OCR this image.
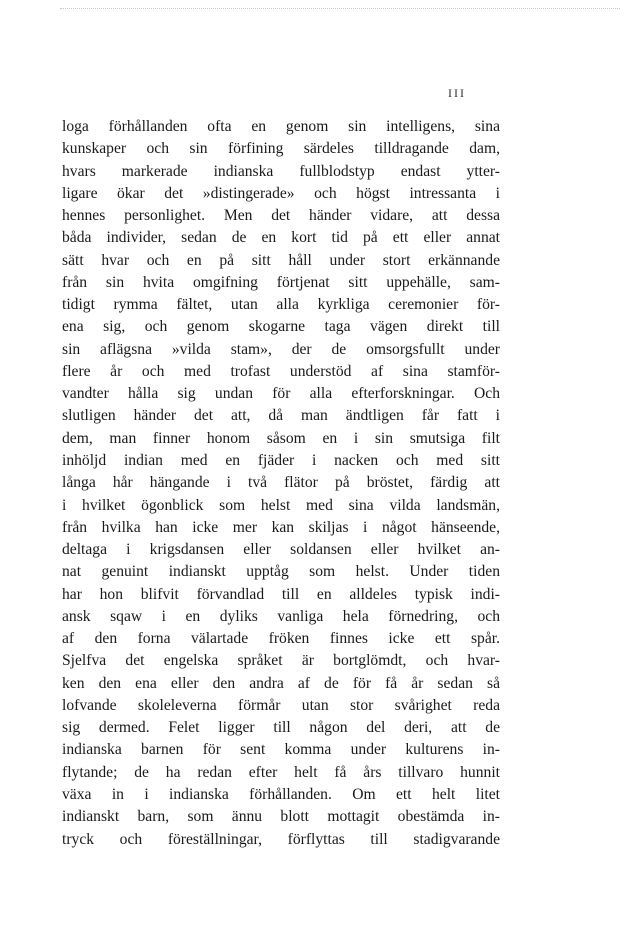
III
loga förhållanden ofta en genom sin intelligens, sina
kunskaper och sin förfining särdeles tilldragande dam,
hvars markerade indianska fullblodstyp endast ytter-
ligare ökar det »distingerade» och högst intressanta i
hennes personlighet. Men det händer vidare, att dessa
båda individer, sedan de en kort tid på ett eller annat
sätt hvar och en på sitt håll under stort erkännande
från sin hvita omgifning förtjenat sitt uppehälle, sam-
tidigt rymma fältet, utan alla kyrkliga ceremonier för-
ena sig, och genom skogarne taga vägen direkt till
sin aflägsna »vilda stam», der de omsorgsfullt under
flere år och med trofast understöd af sina stamför-
vandter hålla sig undan för alla efterforskningar. Och
slutligen händer det att, då man ändtligen får fatt i
dem, man finner honom såsom en i sin smutsiga filt
inhöljd indian med en fjäder i nacken och med sitt
långa hår hängande i två flätor på bröstet, färdig att
i hvilket ögonblick som helst med sina vilda landsmän,
från hvilka han icke mer kan skiljas i något hänseende,
deltaga i krigsdansen eller soldansen eller hvilket an-
nat genuint indianskt upptåg som helst. Under tiden
har hon blifvit förvandlad till en alldeles typisk indi-
ansk sqaw i en dyliks vanliga hela förnedring, och
af den forna välartade fröken finnes icke ett spår.
Sjelfva det engelska språket är bortglömdt, och hvar-
ken den ena eller den andra af de för få år sedan så
lofvande skoleleverna förmår utan stor svårighet reda
sig dermed. Felet ligger till någon del deri, att de
indianska barnen för sent komma under kulturens in-
flytande; de ha redan efter helt få års tillvaro hunnit
växa in i indianska förhållanden. Om ett helt litet
indianskt barn, som ännu blott mottagit obestämda in-
tryck och föreställningar, förflyttas till stadigvarande
